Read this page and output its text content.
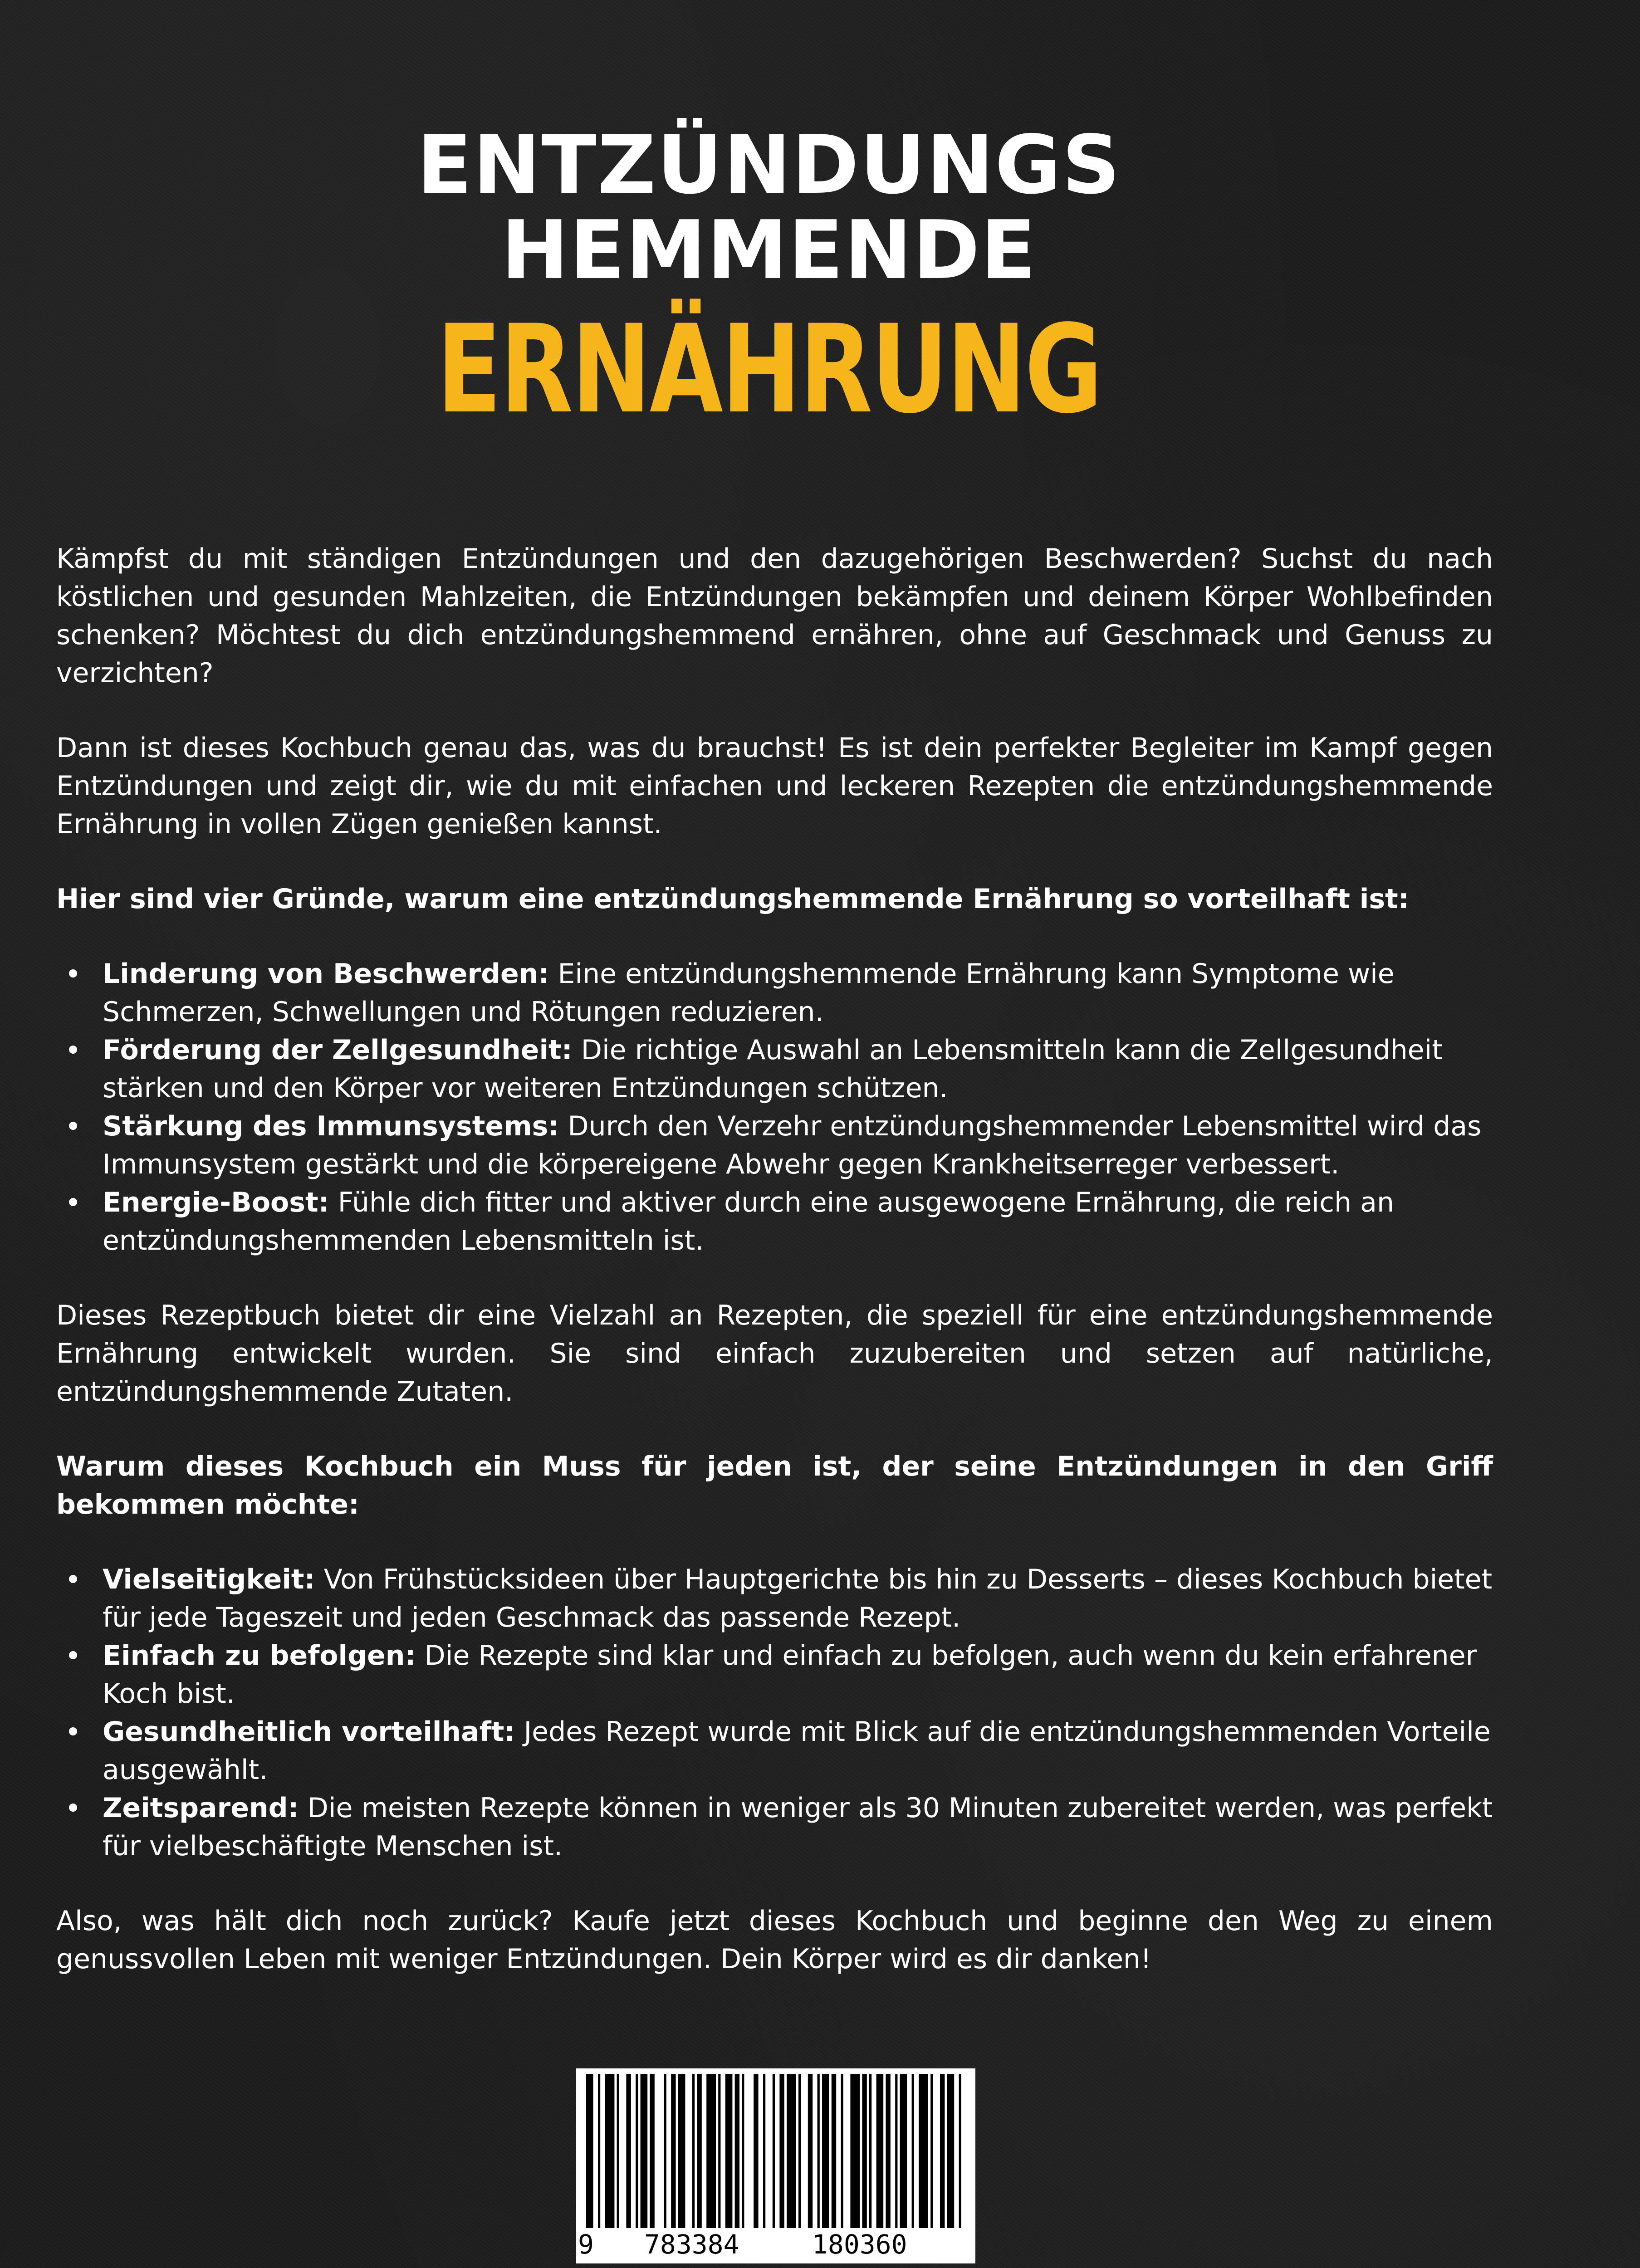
ENTZÜNDUNGS
HEMMENDE
ERNÄHRUNG

Kämpfst du mit ständigen Entzündungen und den dazugehörigen Beschwerden? Suchst du nach köstlichen und gesunden Mahlzeiten, die Entzündungen bekämpfen und deinem Körper Wohlbefinden schenken? Möchtest du dich entzündungshemmend ernähren, ohne auf Geschmack und Genuss zu verzichten?

Dann ist dieses Kochbuch genau das, was du brauchst! Es ist dein perfekter Begleiter im Kampf gegen Entzündungen und zeigt dir, wie du mit einfachen und leckeren Rezepten die entzündungshemmende Ernährung in vollen Zügen genießen kannst.

Hier sind vier Gründe, warum eine entzündungshemmende Ernährung so vorteilhaft ist:

Linderung von Beschwerden: Eine entzündungshemmende Ernährung kann Symptome wie Schmerzen, Schwellungen und Rötungen reduzieren.
Förderung der Zellgesundheit: Die richtige Auswahl an Lebensmitteln kann die Zellgesundheit stärken und den Körper vor weiteren Entzündungen schützen.
Stärkung des Immunsystems: Durch den Verzehr entzündungshemmender Lebensmittel wird das Immunsystem gestärkt und die körpereigene Abwehr gegen Krankheitserreger verbessert.
Energie-Boost: Fühle dich fitter und aktiver durch eine ausgewogene Ernährung, die reich an entzündungshemmenden Lebensmitteln ist.

Dieses Rezeptbuch bietet dir eine Vielzahl an Rezepten, die speziell für eine entzündungshemmende Ernährung entwickelt wurden. Sie sind einfach zuzubereiten und setzen auf natürliche, entzündungshemmende Zutaten.

Warum dieses Kochbuch ein Muss für jeden ist, der seine Entzündungen in den Griff bekommen möchte:

Vielseitigkeit: Von Frühstücksideen über Hauptgerichte bis hin zu Desserts – dieses Kochbuch bietet für jede Tageszeit und jeden Geschmack das passende Rezept.
Einfach zu befolgen: Die Rezepte sind klar und einfach zu befolgen, auch wenn du kein erfahrener Koch bist.
Gesundheitlich vorteilhaft: Jedes Rezept wurde mit Blick auf die entzündungshemmenden Vorteile ausgewählt.
Zeitsparend: Die meisten Rezepte können in weniger als 30 Minuten zubereitet werden, was perfekt für vielbeschäftigte Menschen ist.

Also, was hält dich noch zurück? Kaufe jetzt dieses Kochbuch und beginne den Weg zu einem genussvollen Leben mit weniger Entzündungen. Dein Körper wird es dir danken!

9 783384	180360
